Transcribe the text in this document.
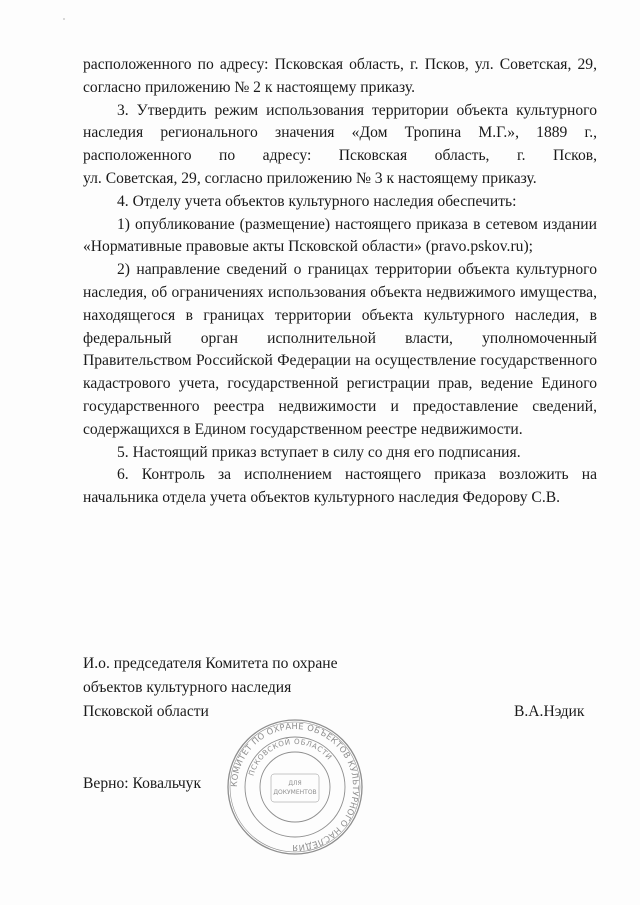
расположенного по адресу: Псковская область, г. Псков, ул. Советская, 29, согласно приложению № 2 к настоящему приказу.

3. Утвердить режим использования территории объекта культурного наследия регионального значения «Дом Тропина М.Г.», 1889 г., расположенного по адресу: Псковская область, г. Псков,

ул. Советская, 29, согласно приложению № 3 к настоящему приказу.

4. Отделу учета объектов культурного наследия обеспечить:

1) опубликование (размещение) настоящего приказа в сетевом издании «Нормативные правовые акты Псковской области» (pravo.pskov.ru);

2) направление сведений о границах территории объекта культурного наследия, об ограничениях использования объекта недвижимого имущества, находящегося в границах территории объекта культурного наследия, в федеральный орган исполнительной власти, уполномоченный Правительством Российской Федерации на осуществление государственного кадастрового учета, государственной регистрации прав, ведение Единого государственного реестра недвижимости и предоставление сведений, содержащихся в Едином государственном реестре недвижимости.

5. Настоящий приказ вступает в силу со дня его подписания.

6. Контроль за исполнением настоящего приказа возложить на начальника отдела учета объектов культурного наследия Федорову С.В.

И.о. председателя Комитета по охране
объектов культурного наследия
Псковской области	В.А.Нэдик
Верно: Ковальчук	КОМИТЕТ ПО ОХРАНЕ ОБЪЕКТОВ КУЛЬТУРНОГО НАСЛЕДИЯ
ПСКОВСКОЙ ОБЛАСТИ
ДЛЯ
ДОКУМЕНТОВ
